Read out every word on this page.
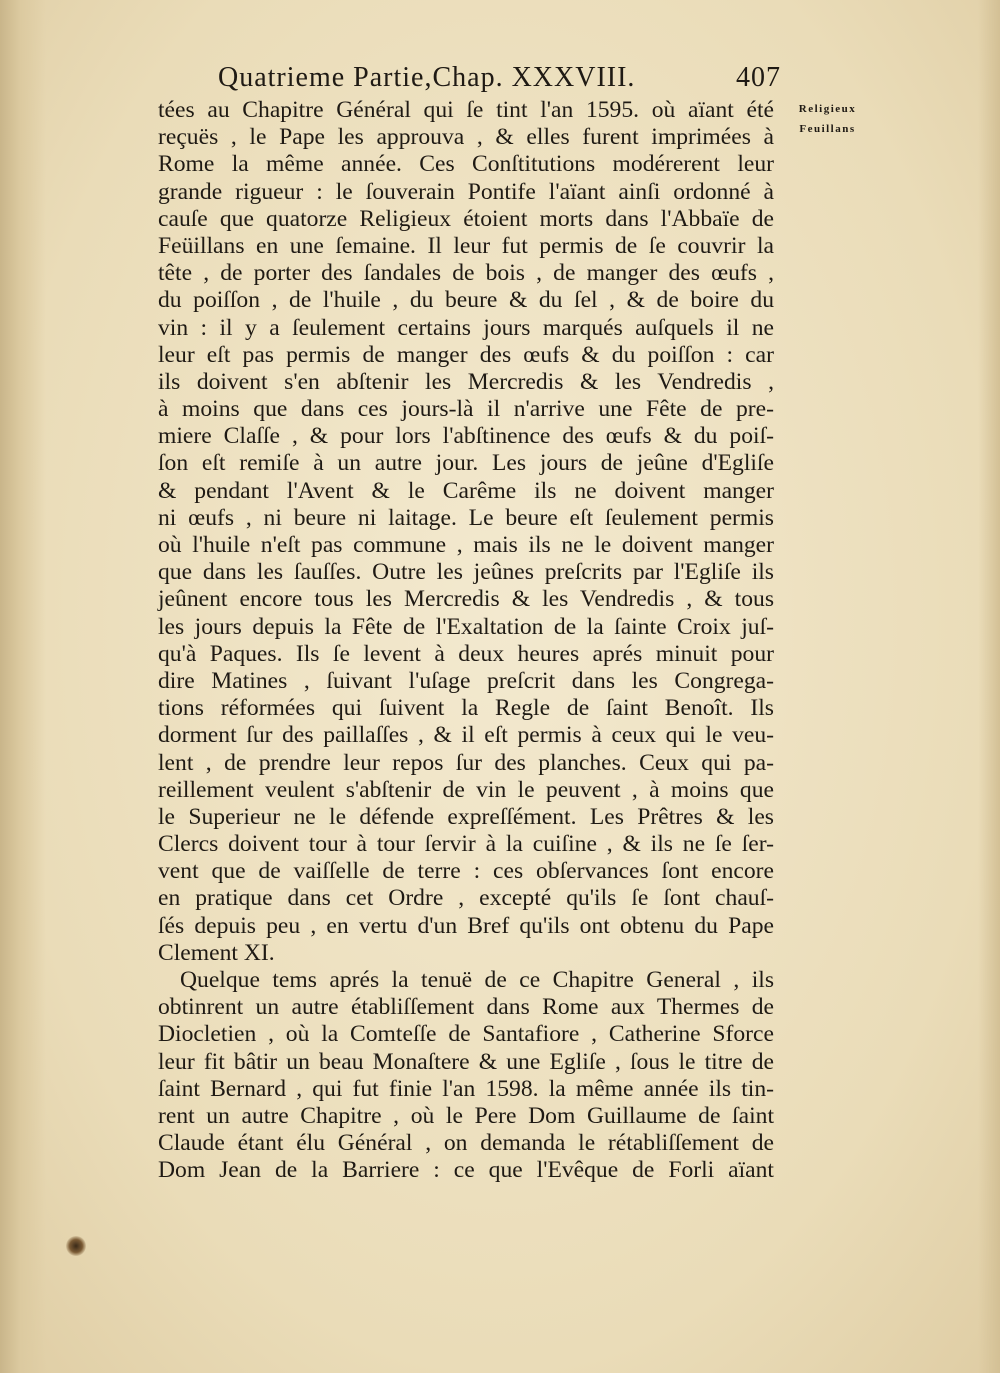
Quatrieme Partie,Chap. XXXVIII.	407
Religieux
Feuillans
tées au Chapitre Général qui ſe tint l'an 1595. où aïant été
reçuës , le Pape les approuva , & elles furent imprimées à
Rome la même année. Ces Conſtitutions modérerent leur
grande rigueur : le ſouverain Pontife l'aïant ainſi ordonné à
cauſe que quatorze Religieux étoient morts dans l'Abbaïe de
Feüillans en une ſemaine. Il leur fut permis de ſe couvrir la
tête , de porter des ſandales de bois , de manger des œufs ,
du poiſſon , de l'huile , du beure & du ſel , & de boire du
vin : il y a ſeulement certains jours marqués auſquels il ne
leur eſt pas permis de manger des œufs & du poiſſon : car
ils doivent s'en abſtenir les Mercredis & les Vendredis ,
à moins que dans ces jours-là il n'arrive une Fête de pre-
miere Claſſe , & pour lors l'abſtinence des œufs & du poiſ-
ſon eſt remiſe à un autre jour. Les jours de jeûne d'Egliſe
& pendant l'Avent & le Carême ils ne doivent manger
ni œufs , ni beure ni laitage. Le beure eſt ſeulement permis
où l'huile n'eſt pas commune , mais ils ne le doivent manger
que dans les ſauſſes. Outre les jeûnes preſcrits par l'Egliſe ils
jeûnent encore tous les Mercredis & les Vendredis , & tous
les jours depuis la Fête de l'Exaltation de la ſainte Croix juſ-
qu'à Paques. Ils ſe levent à deux heures aprés minuit pour
dire Matines , ſuivant l'uſage preſcrit dans les Congrega-
tions réformées qui ſuivent la Regle de ſaint Benoît. Ils
dorment ſur des paillaſſes , & il eſt permis à ceux qui le veu-
lent , de prendre leur repos ſur des planches. Ceux qui pa-
reillement veulent s'abſtenir de vin le peuvent , à moins que
le Superieur ne le défende expreſſément. Les Prêtres & les
Clercs doivent tour à tour ſervir à la cuiſine , & ils ne ſe ſer-
vent que de vaiſſelle de terre : ces obſervances ſont encore
en pratique dans cet Ordre , excepté qu'ils ſe ſont chauſ-
ſés depuis peu , en vertu d'un Bref qu'ils ont obtenu du Pape
Clement XI.
Quelque tems aprés la tenuë de ce Chapitre General , ils
obtinrent un autre établiſſement dans Rome aux Thermes de
Diocletien , où la Comteſſe de Santafiore , Catherine Sforce
leur fit bâtir un beau Monaſtere & une Egliſe , ſous le titre de
ſaint Bernard , qui fut finie l'an 1598. la même année ils tin-
rent un autre Chapitre , où le Pere Dom Guillaume de ſaint
Claude étant élu Général , on demanda le rétabliſſement de
Dom Jean de la Barriere : ce que l'Evêque de Forli aïant
